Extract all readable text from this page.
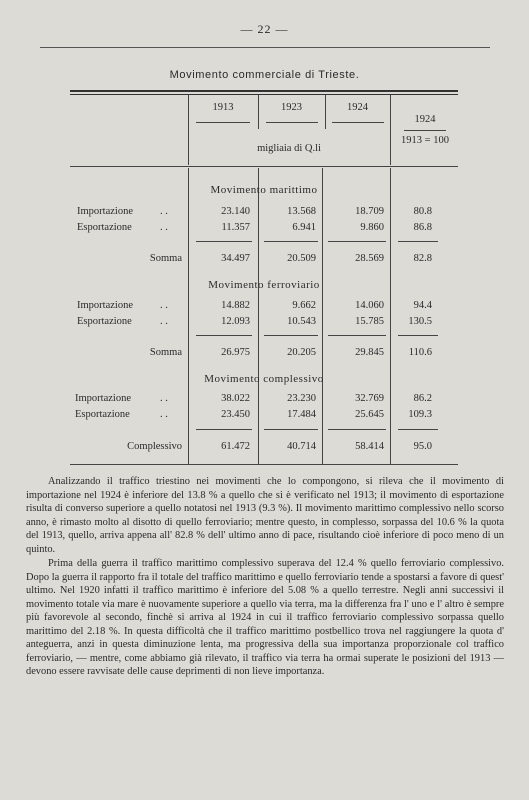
— 22 —
Movimento commerciale di Trieste.
1913	1923	1924
1924
1913 = 100
migliaia di Q.li
Movimento marittimo
Importazione	. .	23.140	13.568	18.709	80.8
Esportazione	. .	11.357	6.941	9.860	86.8
Somma	34.497	20.509	28.569	82.8
Movimento ferroviario
Importazione	. .	14.882	9.662	14.060	94.4
Esportazione	. .	12.093	10.543	15.785	130.5
Somma	26.975	20.205	29.845	110.6
Movimento complessivo
Importazione	. .	38.022	23.230	32.769	86.2
Esportazione	. .	23.450	17.484	25.645	109.3
Complessivo	61.472	40.714	58.414	95.0

Analizzando il traffico triestino nei movimenti che lo compongono, si rileva che il movimento di importazione nel 1924 è inferiore del 13.8 % a quello che si è verificato nel 1913; il movimento di esportazione risulta di converso superiore a quello notatosi nel 1913 (9.3 %). Il movimento marittimo complessivo nello scorso anno, è rimasto molto al disotto di quello ferroviario; mentre questo, in complesso, sorpassa del 10.6 % la quota del 1913, quello, arriva appena all' 82.8 % dell' ultimo anno di pace, risultando cioè inferiore di poco meno di un quinto.

Prima della guerra il traffico marittimo complessivo superava del 12.4 % quello ferroviario complessivo. Dopo la guerra il rapporto fra il totale del traffico marittimo e quello ferroviario tende a spostarsi a favore di quest' ultimo. Nel 1920 infatti il traffico marittimo è inferiore del 5.08 % a quello terrestre. Negli anni successivi il movimento totale via mare è nuovamente superiore a quello via terra, ma la differenza fra l' uno e l' altro è sempre più favorevole al secondo, finchè si arriva al 1924 in cui il traffico ferroviario complessivo sorpassa quello marittimo del 2.18 %. In questa difficoltà che il traffico marittimo postbellico trova nel raggiungere la quota d' anteguerra, anzi in questa diminuzione lenta, ma progressiva della sua importanza proporzionale col traffico ferroviario, — mentre, come abbiamo già rilevato, il traffico via terra ha ormai superate le posizioni del 1913 — devono essere ravvisate delle cause deprimenti di non lieve importanza.
